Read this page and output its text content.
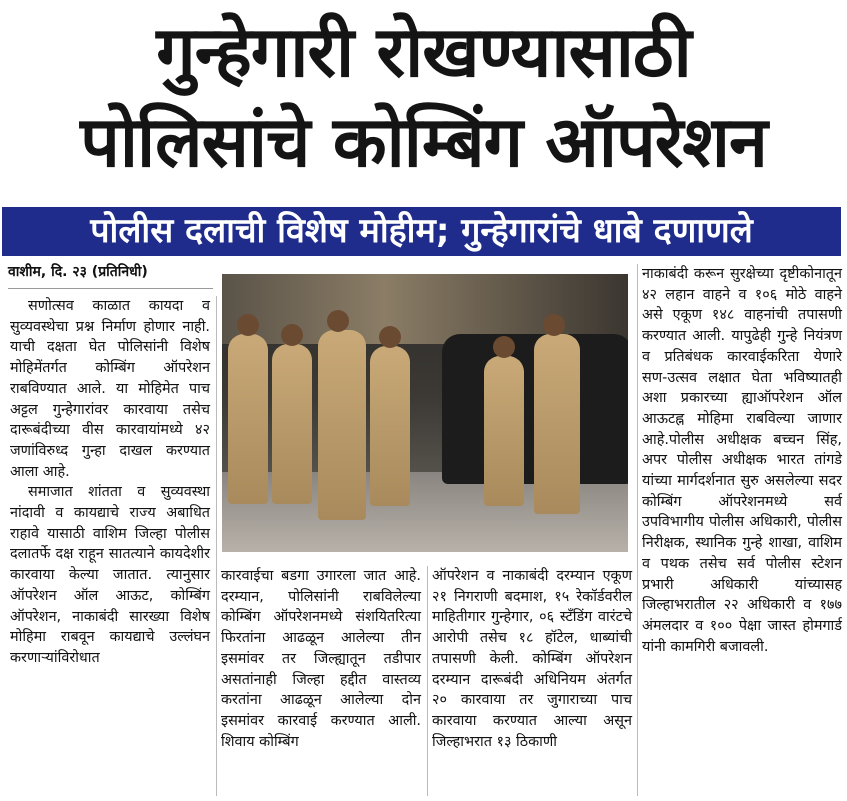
गुन्हेगारी रोखण्यासाठी
पोलिसांचे कोम्बिंग ऑपरेशन
पोलीस दलाची विशेष मोहीम; गुन्हेगारांचे धाबे दणाणले
वाशीम, दि. २३ (प्रतिनिधी)

सणोत्सव काळात कायदा व सुव्यवस्थेचा प्रश्न निर्माण होणार नाही. याची दक्षता घेत पोलिसांनी विशेष मोहिमेंतर्गत कोम्बिंग ऑपरेशन राबविण्यात आले. या मोहिमेत पाच अट्टल गुन्हेगारांवर कारवाया तसेच दारूबंदीच्या वीस कारवायांमध्ये ४२ जणांविरुध्द गुन्हा दाखल करण्यात आला आहे.

समाजात शांतता व सुव्यवस्था नांदावी व कायद्याचे राज्य अबाधित राहावे यासाठी वाशिम जिल्हा पोलीस दलातर्फे दक्ष राहून सातत्याने कायदेशीर कारवाया केल्या जातात. त्यानुसार ऑपरेशन ऑल आऊट, कोम्बिंग ऑपरेशन, नाकाबंदी सारख्या विशेष मोहिमा राबवून कायद्याचे उल्लंघन करणाऱ्यांविरोधात

कारवाईचा बडगा उगारला जात आहे. दरम्यान, पोलिसांनी राबविलेल्या कोम्बिंग ऑपरेशनमध्ये संशयितरित्या फिरतांना आढळून आलेल्या तीन इसमांवर तर जिल्ह्यातून तडीपार असतांनाही जिल्हा हद्दीत वास्तव्य करतांना आढळून आलेल्या दोन इसमांवर कारवाई करण्यात आली. शिवाय कोम्बिंग

ऑपरेशन व नाकाबंदी दरम्यान एकूण २१ निगराणी बदमाश, १५ रेकॉर्डवरील माहितीगार गुन्हेगार, ०६ स्टॅंडिंग वारंटचे आरोपी तसेच १८ हॉटेल, धाब्यांची तपासणी केली. कोम्बिंग ऑपरेशन दरम्यान दारूबंदी अधिनियम अंतर्गत २० कारवाया तर जुगाराच्या पाच कारवाया करण्यात आल्या असून जिल्हाभरात १३ ठिकाणी

नाकाबंदी करून सुरक्षेच्या दृष्टीकोनातून ४२ लहान वाहने व १०६ मोठे वाहने असे एकूण १४८ वाहनांची तपासणी करण्यात आली. यापुढेही गुन्हे नियंत्रण व प्रतिबंधक कारवाईकरिता येणारे सण-उत्सव लक्षात घेता भविष्यातही अशा प्रकारच्या ह्याऑपरेशन ऑल आऊटह्न मोहिमा राबविल्या जाणार आहे.पोलीस अधीक्षक बच्चन सिंह, अपर पोलीस अधीक्षक भारत तांगडे यांच्या मार्गदर्शनात सुरु असलेल्या सदर कोम्बिंग ऑपरेशनमध्ये सर्व उपविभागीय पोलीस अधिकारी, पोलीस निरीक्षक, स्थानिक गुन्हे शाखा, वाशिम व पथक तसेच सर्व पोलीस स्टेशन प्रभारी अधिकारी यांच्यासह जिल्हाभरातील २२ अधिकारी व १७७ अंमलदार व १०० पेक्षा जास्त होमगार्ड यांनी कामगिरी बजावली.
